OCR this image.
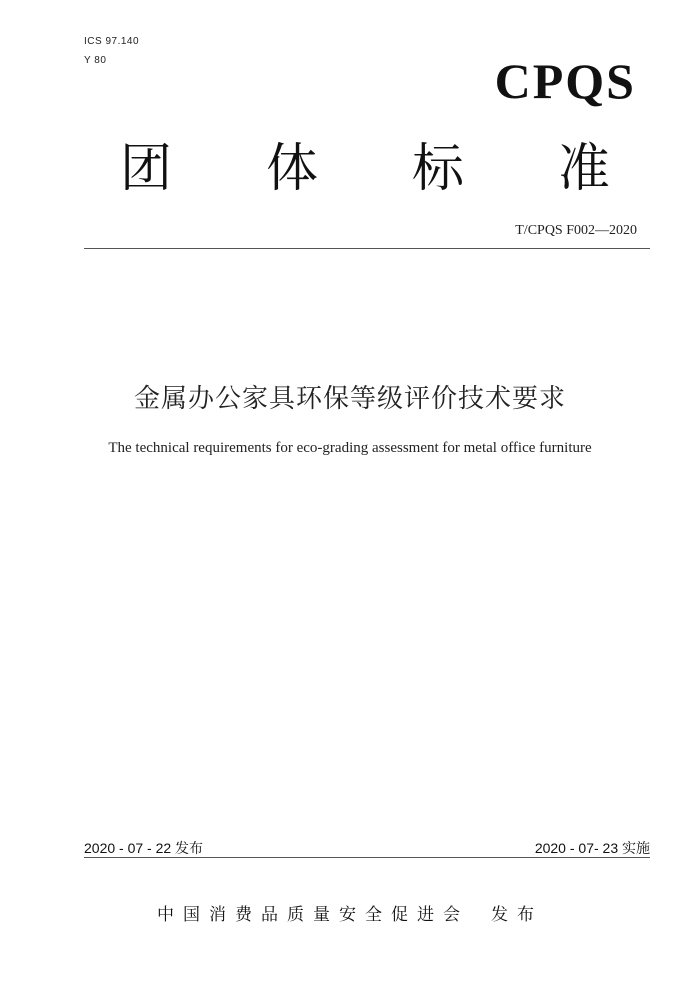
ICS 97.140
Y 80	CPQS
团 体 标 准
T/CPQS F002—2020
金属办公家具环保等级评价技术要求
The technical requirements for eco-grading assessment for metal office furniture
2020 - 07 - 22 发布	2020 - 07- 23 实施
中国消费品质量安全促进会 发布
